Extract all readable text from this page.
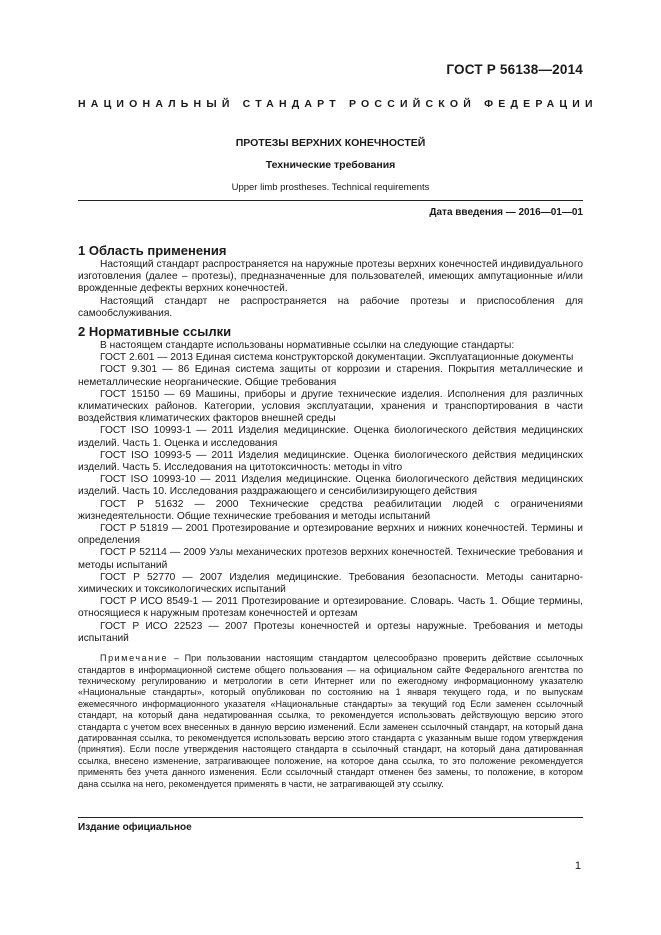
ГОСТ Р 56138—2014
НАЦИОНАЛЬНЫЙ СТАНДАРТ РОССИЙСКОЙ ФЕДЕРАЦИИ
ПРОТЕЗЫ ВЕРХНИХ КОНЕЧНОСТЕЙ
Технические требования
Upper limb prostheses. Technical requirements
Дата введения — 2016—01—01
1 Область применения

Настоящий стандарт распространяется на наружные протезы верхних конечностей индивидуального изготовления (далее – протезы), предназначенные для пользователей, имеющих ампутационные и/или врожденные дефекты верхних конечностей.

Настоящий стандарт не распространяется на рабочие протезы и приспособления для самообслуживания.

2 Нормативные ссылки

В настоящем стандарте использованы нормативные ссылки на следующие стандарты:

ГОСТ 2.601 — 2013 Единая система конструкторской документации. Эксплуатационные документы

ГОСТ 9.301 — 86 Единая система защиты от коррозии и старения. Покрытия металлические и неметаллические неорганические. Общие требования

ГОСТ 15150 — 69 Машины, приборы и другие технические изделия. Исполнения для различных климатических районов. Категории, условия эксплуатации, хранения и транспортирования в части воздействия климатических факторов внешней среды

ГОСТ ISO 10993-1 — 2011 Изделия медицинские. Оценка биологического действия медицинских изделий. Часть 1. Оценка и исследования

ГОСТ ISO 10993-5 — 2011 Изделия медицинские. Оценка биологического действия медицинских изделий. Часть 5. Исследования на цитотоксичность: методы in vitro

ГОСТ ISO 10993-10 — 2011 Изделия медицинские. Оценка биологического действия медицинских изделий. Часть 10. Исследования раздражающего и сенсибилизирующего действия

ГОСТ Р 51632 — 2000 Технические средства реабилитации людей с ограничениями жизнедеятельности. Общие технические требования и методы испытаний

ГОСТ Р 51819 — 2001 Протезирование и ортезирование верхних и нижних конечностей. Термины и определения

ГОСТ Р 52114 — 2009 Узлы механических протезов верхних конечностей. Технические требования и методы испытаний

ГОСТ Р 52770 — 2007 Изделия медицинские. Требования безопасности. Методы санитарно-химических и токсикологических испытаний

ГОСТ Р ИСО 8549-1 — 2011 Протезирование и ортезирование. Словарь. Часть 1. Общие термины, относящиеся к наружным протезам конечностей и ортезам

ГОСТ Р ИСО 22523 — 2007 Протезы конечностей и ортезы наружные. Требования и методы испытаний

Примечание – При пользовании настоящим стандартом целесообразно проверить действие ссылочных стандартов в информационной системе общего пользования — на официальном сайте Федерального агентства по техническому регулированию и метрологии в сети Интернет или по ежегодному информационному указателю «Национальные стандарты», который опубликован по состоянию на 1 января текущего года, и по выпускам ежемесячного информационного указателя «Национальные стандарты» за текущий год Если заменен ссылочный стандарт, на который дана недатированная ссылка, то рекомендуется использовать действующую версию этого стандарта с учетом всех внесенных в данную версию изменений. Если заменен ссылочный стандарт, на который дана датированная ссылка, то рекомендуется использовать версию этого стандарта с указанным выше годом утверждения (принятия). Если после утверждения настоящего стандарта в ссылочный стандарт, на который дана датированная ссылка, внесено изменение, затрагивающее положение, на которое дана ссылка, то это положение рекомендуется применять без учета данного изменения. Если ссылочный стандарт отменен без замены, то положение, в котором дана ссылка на него, рекомендуется применять в части, не затрагивающей эту ссылку.
Издание официальное
1
